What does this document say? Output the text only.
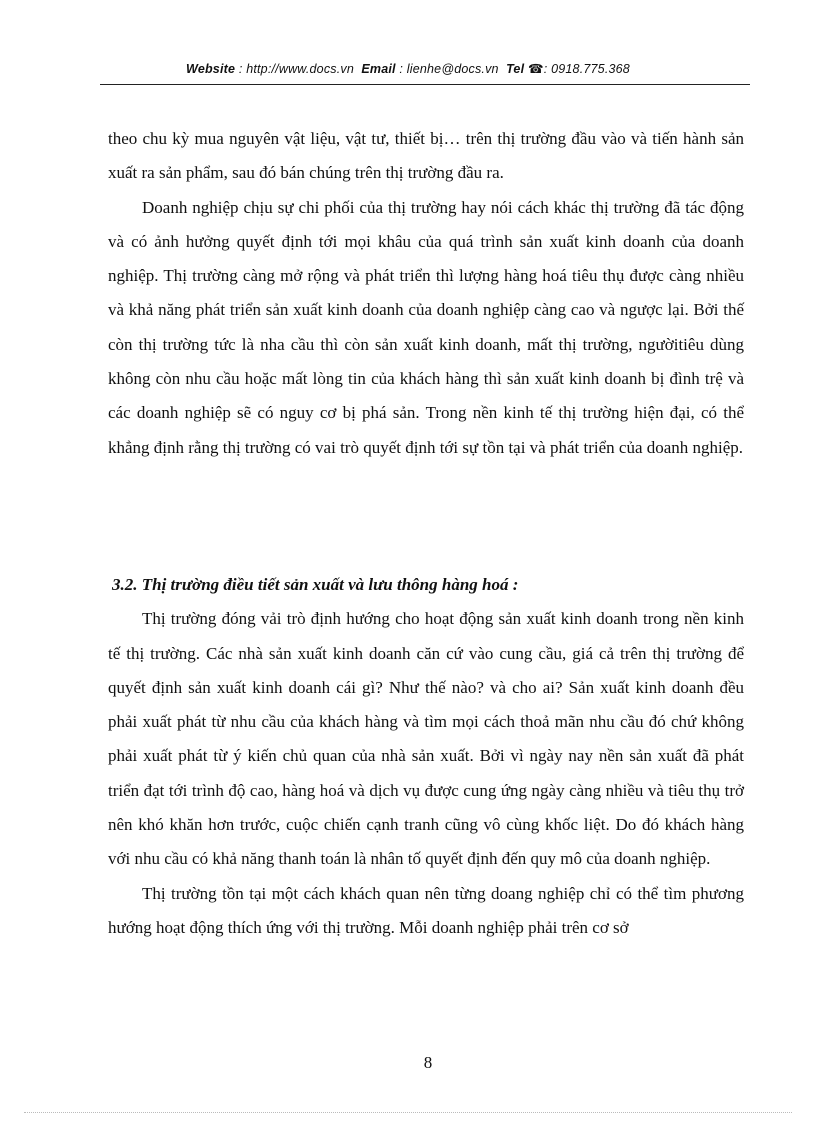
Website : http://www.docs.vn Email : lienhe@docs.vn Tel ☎: 0918.775.368

theo chu kỳ mua nguyên vật liệu, vật tư, thiết bị… trên thị trường đầu vào và tiến hành sản xuất ra sản phẩm, sau đó bán chúng trên thị trường đầu ra.

Doanh nghiệp chịu sự chi phối của thị trường hay nói cách khác thị trường đã tác động và có ảnh hưởng quyết định tới mọi khâu của quá trình sản xuất kinh doanh của doanh nghiệp. Thị trường càng mở rộng và phát triển thì lượng hàng hoá tiêu thụ được càng nhiều và khả năng phát triển sản xuất kinh doanh của doanh nghiệp càng cao và ngược lại. Bởi thế còn thị trường tức là nha cầu thì còn sản xuất kinh doanh, mất thị trường, ngườitiêu dùng không còn nhu cầu hoặc mất lòng tin của khách hàng thì sản xuất kinh doanh bị đình trệ và các doanh nghiệp sẽ có nguy cơ bị phá sản. Trong nền kinh tế thị trường hiện đại, có thể khẳng định rằng thị trường có vai trò quyết định tới sự tồn tại và phát triển của doanh nghiệp.

3.2. Thị trường điều tiết sản xuất và lưu thông hàng hoá :

Thị trường đóng vải trò định hướng cho hoạt động sản xuất kinh doanh trong nền kinh tế thị trường. Các nhà sản xuất kinh doanh căn cứ vào cung cầu, giá cả trên thị trường để quyết định sản xuất kinh doanh cái gì? Như thế nào? và cho ai? Sản xuất kinh doanh đều phải xuất phát từ nhu cầu của khách hàng và tìm mọi cách thoả mãn nhu cầu đó chứ không phải xuất phát từ ý kiến chủ quan của nhà sản xuất. Bởi vì ngày nay nền sản xuất đã phát triển đạt tới trình độ cao, hàng hoá và dịch vụ được cung ứng ngày càng nhiều và tiêu thụ trở nên khó khăn hơn trước, cuộc chiến cạnh tranh cũng vô cùng khốc liệt. Do đó khách hàng với nhu cầu có khả năng thanh toán là nhân tố quyết định đến quy mô của doanh nghiệp.

Thị trường tồn tại một cách khách quan nên từng doang nghiệp chỉ có thể tìm phương hướng hoạt động thích ứng với thị trường. Mỗi doanh nghiệp phải trên cơ sở

8
